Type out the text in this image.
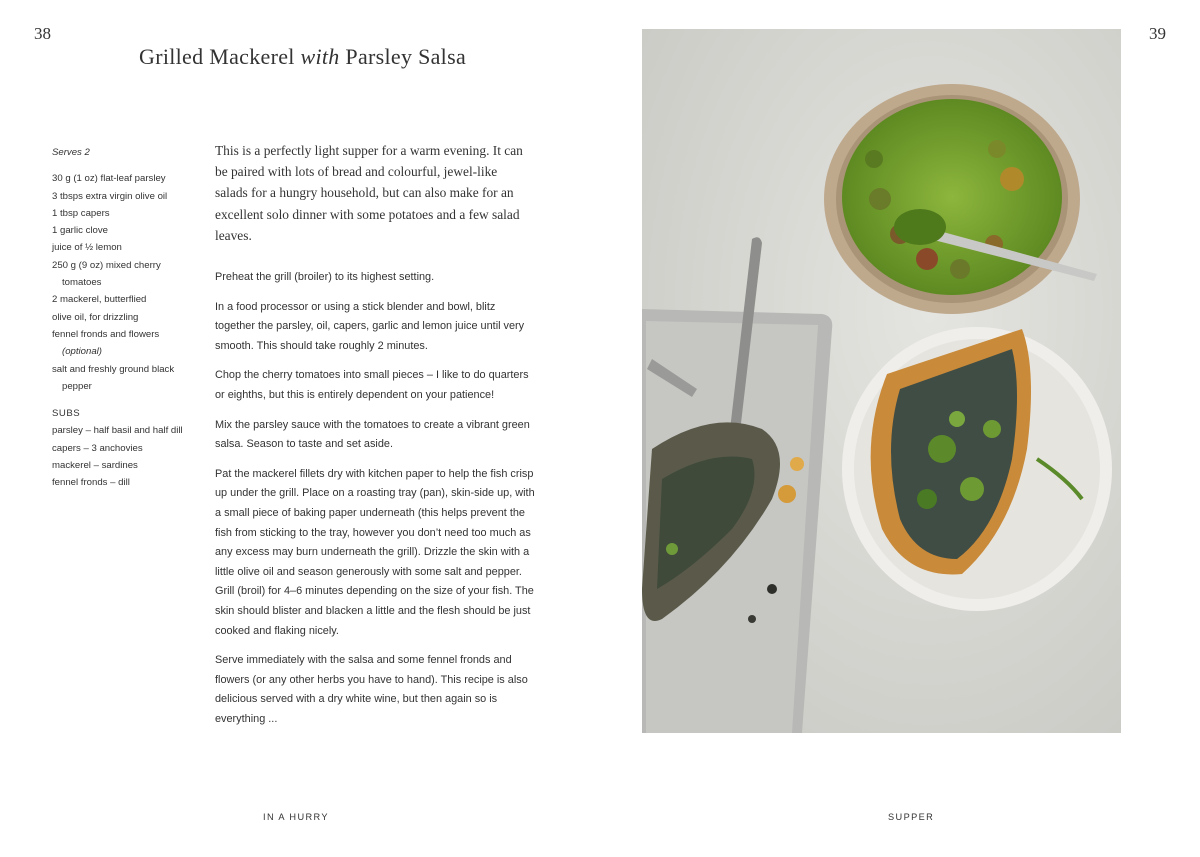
38	39
Grilled Mackerel with Parsley Salsa
Serves 2
30 g (1 oz) flat-leaf parsley
3 tbsps extra virgin olive oil
1 tbsp capers
1 garlic clove
juice of ½ lemon
250 g (9 oz) mixed cherry tomatoes
2 mackerel, butterflied
olive oil, for drizzling
fennel fronds and flowers
(optional)
salt and freshly ground black pepper
SUBS
parsley – half basil and half dill
capers – 3 anchovies
mackerel – sardines
fennel fronds – dill

This is a perfectly light supper for a warm evening. It can be paired with lots of bread and colourful, jewel-like salads for a hungry household, but can also make for an excellent solo dinner with some potatoes and a few salad leaves.

Preheat the grill (broiler) to its highest setting.

In a food processor or using a stick blender and bowl, blitz together the parsley, oil, capers, garlic and lemon juice until very smooth. This should take roughly 2 minutes.

Chop the cherry tomatoes into small pieces – I like to do quarters or eighths, but this is entirely dependent on your patience!

Mix the parsley sauce with the tomatoes to create a vibrant green salsa. Season to taste and set aside.

Pat the mackerel fillets dry with kitchen paper to help the fish crisp up under the grill. Place on a roasting tray (pan), skin-side up, with a small piece of baking paper underneath (this helps prevent the fish from sticking to the tray, however you don’t need too much as any excess may burn underneath the grill). Drizzle the skin with a little olive oil and season generously with some salt and pepper. Grill (broil) for 4–6 minutes depending on the size of your fish. The skin should blister and blacken a little and the flesh should be just cooked and flaking nicely.

Serve immediately with the salsa and some fennel fronds and flowers (or any other herbs you have to hand). This recipe is also delicious served with a dry white wine, but then again so is everything ...

IN A HURRY	SUPPER
